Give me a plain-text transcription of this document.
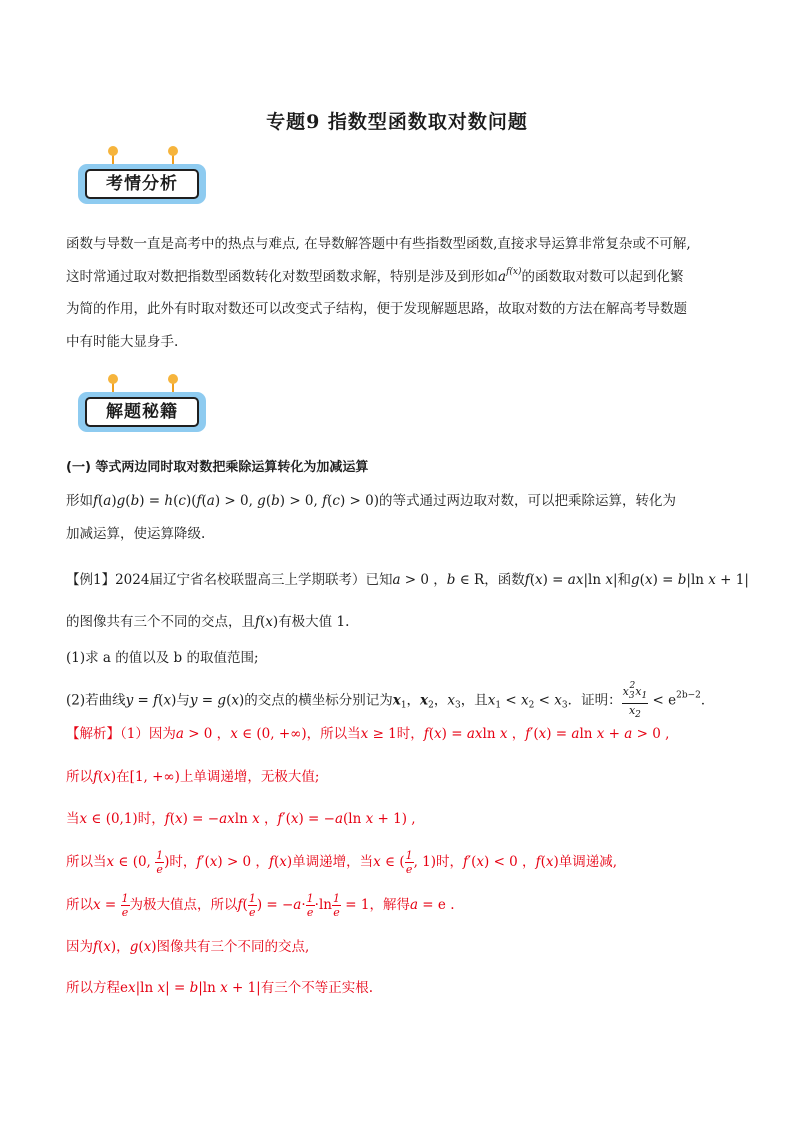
专题9 指数型函数取对数问题
考情分析
函数与导数一直是高考中的热点与难点, 在导数解答题中有些指数型函数,直接求导运算非常复杂或不可解,
这时常通过取对数把指数型函数转化对数型函数求解，特别是涉及到形如$a^{f(x)}$的函数取对数可以起到化繁
为简的作用，此外有时取对数还可以改变式子结构，便于发现解题思路，故取对数的方法在解高考导数题
中有时能大显身手.
解题秘籍
(一) 等式两边同时取对数把乘除运算转化为加减运算
形如f(a)g(b) = h(c)(f(a) > 0, g(b) > 0, f(c) > 0)的等式通过两边取对数，可以把乘除运算，转化为
加减运算，使运算降级.
【例1】2024届辽宁省名校联盟高三上学期联考）已知a > 0 ，b ∈ R，函数f(x) = ax|ln x|和g(x) = b|ln x + 1|
的图像共有三个不同的交点，且f(x)有极大值 1.
(1)求 a 的值以及 b 的取值范围;
(2)若曲线y = f(x)与y = g(x)的交点的横坐标分别记为$x_1$，$x_2$，$x_3$，且$x_1 < x_2 < x_3$．证明： $\frac{x_3^2x_1}{x_2} < e^{2b-2}$．
【解析】（1）因为a > 0 ，x ∈ (0, +∞)，所以当x ≥ 1时，f(x) = axln x ，f′(x) = aln x + a > 0 ,
所以f(x)在[1, +∞)上单调递增，无极大值;
当x ∈ (0,1)时，f(x) = −axln x ，f′(x) = −a(ln x + 1) ,
所以当x ∈ (0, $\frac{1}{e}$ )时，f′(x) > 0 ，f(x)单调递增，当x ∈ ( $\frac{1}{e}$ , 1)时，f′(x) < 0 ，f(x)单调递减,
所以$x = \frac{1}{e}$ 为极大值点，所以$f( \frac{1}{e}$ ) = $-a\cdot \frac{1}{e} \cdot\ln \frac{1}{e} = 1$，解得a = e .
因为f(x)，g(x)图像共有三个不同的交点,
所以方程ex|ln x| = b|ln x + 1|有三个不等正实根.
